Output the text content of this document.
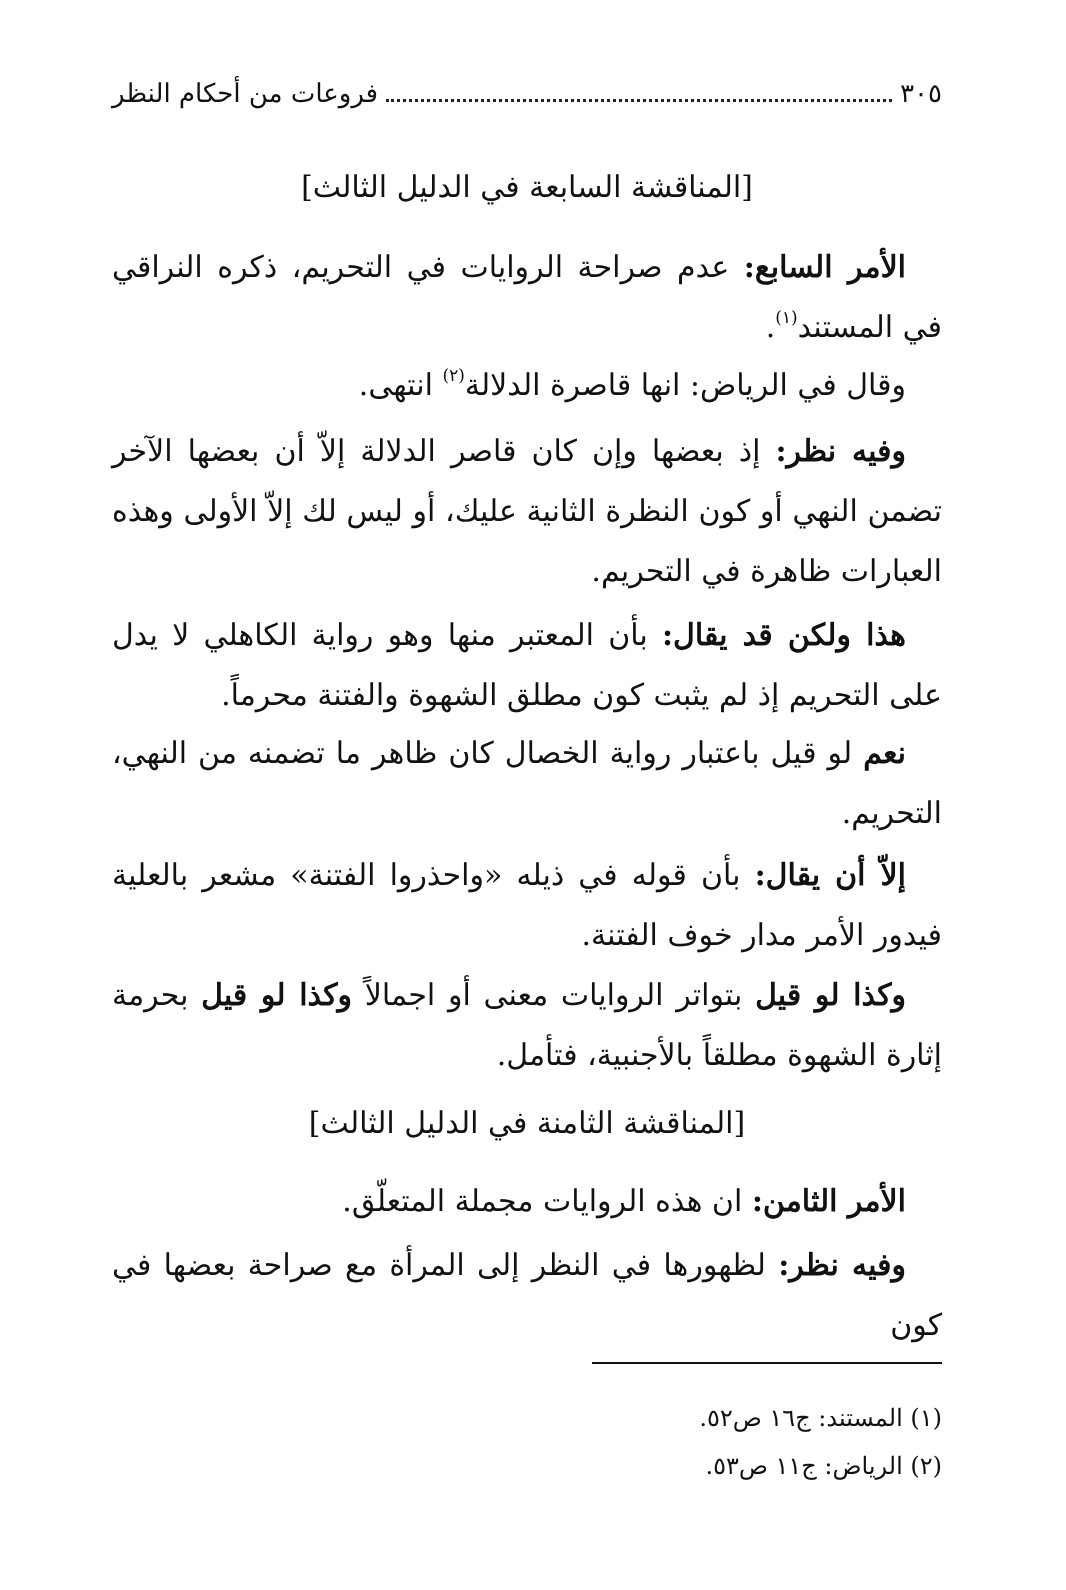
٣٠٥
فروعات من أحكام النظر
[المناقشة السابعة في الدليل الثالث]
الأمر السابع: عدم صراحة الروايات في التحريم، ذكره النراقي في المستند$^{(١)}$.
وقال في الرياض: انها قاصرة الدلالة$^{(٢)}$ انتهى.
وفيه نظر: إذ بعضها وإن كان قاصر الدلالة إلاّ أن بعضها الآخر تضمن النهي أو كون النظرة الثانية عليك، أو ليس لك إلاّ الأولى وهذه العبارات ظاهرة في التحريم.
هذا ولكن قد يقال: بأن المعتبر منها وهو رواية الكاهلي لا يدل على التحريم إذ لم يثبت كون مطلق الشهوة والفتنة محرماً.
نعم لو قيل باعتبار رواية الخصال كان ظاهر ما تضمنه من النهي، التحريم.
إلاّ أن يقال: بأن قوله في ذيله «واحذروا الفتنة» مشعر بالعلية فيدور الأمر مدار خوف الفتنة.
وكذا لو قيل بتواتر الروايات معنى أو اجمالاً وكذا لو قيل بحرمة إثارة الشهوة مطلقاً بالأجنبية، فتأمل.
[المناقشة الثامنة في الدليل الثالث]
الأمر الثامن: ان هذه الروايات مجملة المتعلّق.
وفيه نظر: لظهورها في النظر إلى المرأة مع صراحة بعضها في كون
(١) المستند: ج١٦ ص٥٢.
(٢) الرياض: ج١١ ص٥٣.
